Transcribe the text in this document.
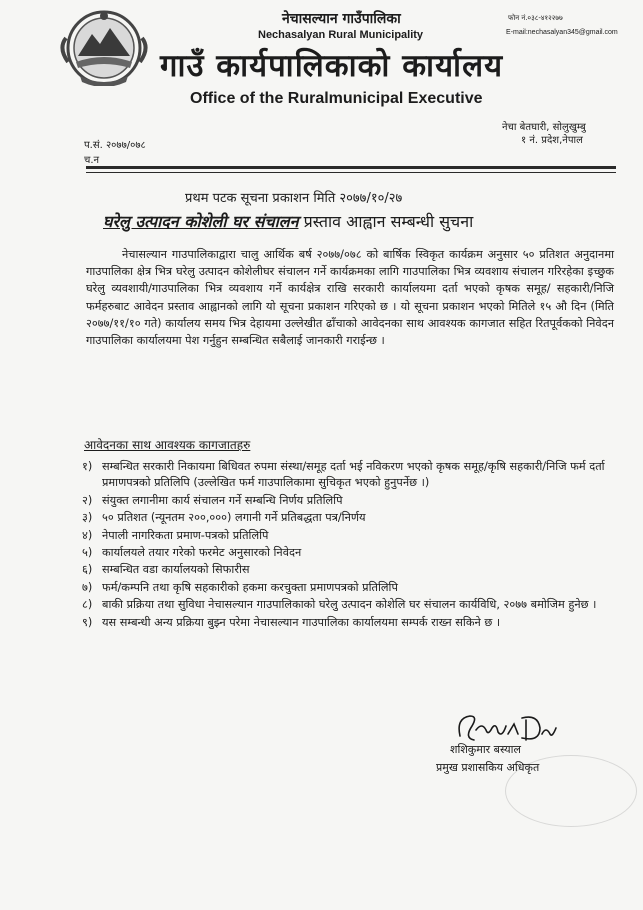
नेचासल्यान गाउँपालिका
Nechasalyan Rural Municipality
गाउँ कार्यपालिकाको कार्यालय
Office of the Ruralmunicipal Executive
फोन नं.०३८-४१२२७७
E-mail:nechasalyan345@gmail.com
नेचा बेतघारी, सोलुखुम्बु
१ नं. प्रदेश,नेपाल
प.सं. २०७७/०७८
च.न
प्रथम पटक सूचना प्रकाशन मिति २०७७/१०/२७
घरेलु उत्पादन कोशेली घर संचालन प्रस्ताव आह्वान सम्बन्धी सुचना
नेचासल्यान गाउपालिकाद्वारा चालु आर्थिक बर्ष २०७७/०७८ को बार्षिक स्विकृत कार्यक्रम अनुसार ५० प्रतिशत अनुदानमा गाउपालिका क्षेत्र भित्र घरेलु उत्पादन कोशेलीघर संचालन गर्ने कार्यक्रमका लागि गाउपालिका भित्र व्यवशाय संचालन गरिरहेका इच्छुक घरेलु व्यवशायी/गाउपालिका भित्र व्यवशाय गर्ने कार्यक्षेत्र राखि सरकारी कार्यालयमा दर्ता भएको कृषक समूह/ सहकारी/निजि फर्महरुबाट आवेदन प्रस्ताव आह्वानको लागि यो सूचना प्रकाशन गरिएको छ । यो सूचना प्रकाशन भएको मितिले १५ औ दिन (मिति २०७७/११/१० गते) कार्यालय समय भित्र देहायमा उल्लेखीत ढाँचाको आवेदनका साथ आवश्यक कागजात सहित रितपूर्वकको निवेदन गाउपालिका कार्यालयमा पेश गर्नुहुन सम्बन्धित सबैलाई जानकारी गराईन्छ ।
आवेदनका साथ आवश्यक कागजातहरु
१) सम्बन्धित सरकारी निकायमा बिधिवत रुपमा संस्था/समूह दर्ता भई नविकरण भएको कृषक समूह/कृषि सहकारी/निजि फर्म दर्ता प्रमाणपत्रको प्रतिलिपि (उल्लेखित फर्म गाउपालिकामा सुचिकृत भएको हुनुपर्नेछ ।)
२) संयुक्त लगानीमा कार्य संचालन गर्ने सम्बन्धि निर्णय प्रतिलिपि
३) ५० प्रतिशत (न्यूनतम २००,०००) लगानी गर्ने प्रतिबद्धता पत्र/निर्णय
४) नेपाली नागरिकता प्रमाण-पत्रको प्रतिलिपि
५) कार्यालयले तयार गरेको फरमेट अनुसारको निवेदन
६) सम्बन्धित वडा कार्यालयको सिफारीस
७) फर्म/कम्पनि तथा कृषि सहकारीको हकमा करचुक्ता प्रमाणपत्रको प्रतिलिपि
८) बाकी प्रक्रिया तथा सुविधा नेचासल्यान गाउपालिकाको घरेलु उत्पादन कोशेलि घर संचालन कार्यविधि, २०७७ बमोजिम हुनेछ ।
९) यस सम्बन्धी अन्य प्रक्रिया बुझ्न परेमा नेचासल्यान गाउपालिका कार्यालयमा सम्पर्क राख्न सकिने छ ।
शशिकुमार बस्याल
प्रमुख प्रशासकिय अधिकृत
